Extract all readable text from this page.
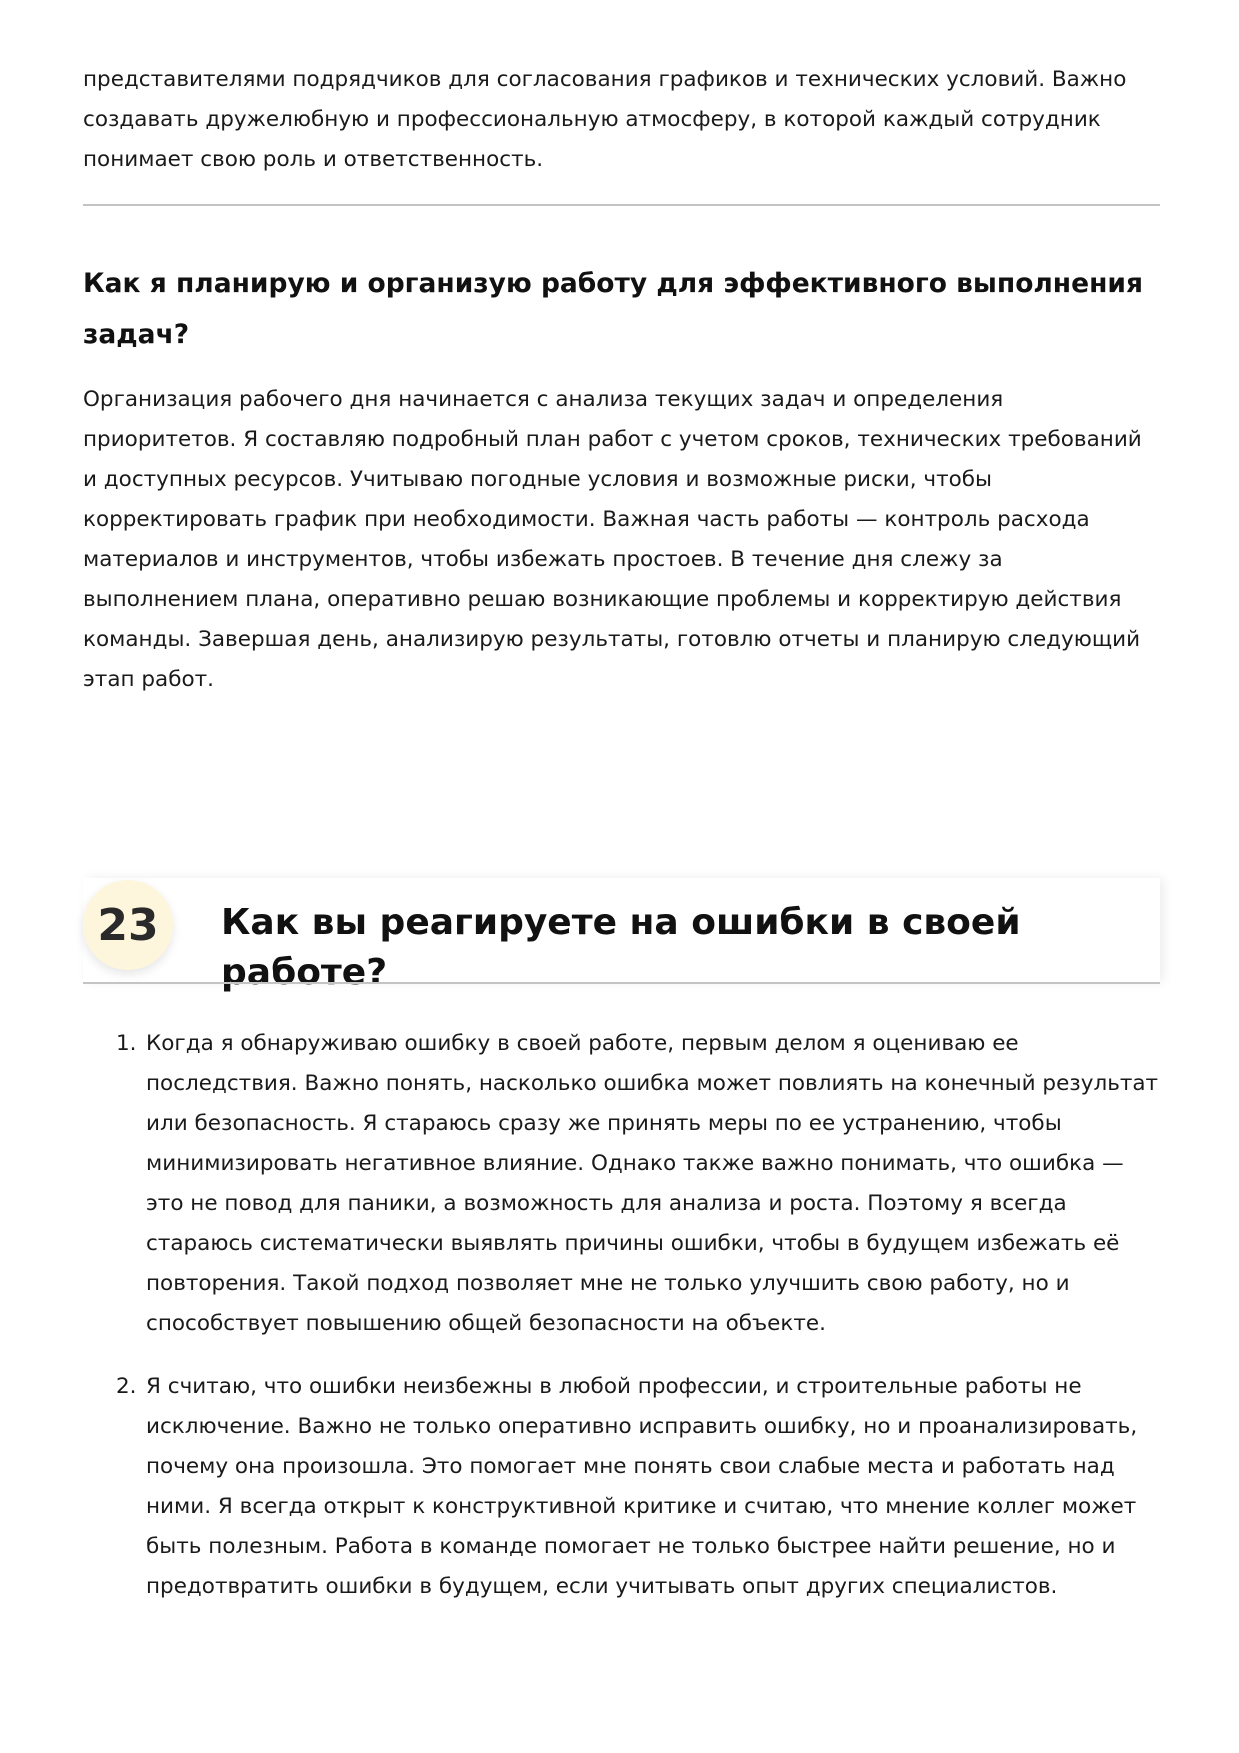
представителями подрядчиков для согласования графиков и технических условий. Важно создавать дружелюбную и профессиональную атмосферу, в которой каждый сотрудник понимает свою роль и ответственность.

Как я планирую и организую работу для эффективного выполнения задач?

Организация рабочего дня начинается с анализа текущих задач и определения приоритетов. Я составляю подробный план работ с учетом сроков, технических требований и доступных ресурсов. Учитываю погодные условия и возможные риски, чтобы корректировать график при необходимости. Важная часть работы — контроль расхода материалов и инструментов, чтобы избежать простоев. В течение дня слежу за выполнением плана, оперативно решаю возникающие проблемы и корректирую действия команды. Завершая день, анализирую результаты, готовлю отчеты и планирую следующий этап работ.

23	Как вы реагируете на ошибки в своей работе?
1. Когда я обнаруживаю ошибку в своей работе, первым делом я оцениваю ее последствия. Важно понять, насколько ошибка может повлиять на конечный результат или безопасность. Я стараюсь сразу же принять меры по ее устранению, чтобы минимизировать негативное влияние. Однако также важно понимать, что ошибка — это не повод для паники, а возможность для анализа и роста. Поэтому я всегда стараюсь систематически выявлять причины ошибки, чтобы в будущем избежать её повторения. Такой подход позволяет мне не только улучшить свою работу, но и способствует повышению общей безопасности на объекте.

2. Я считаю, что ошибки неизбежны в любой профессии, и строительные работы не исключение. Важно не только оперативно исправить ошибку, но и проанализировать, почему она произошла. Это помогает мне понять свои слабые места и работать над ними. Я всегда открыт к конструктивной критике и считаю, что мнение коллег может быть полезным. Работа в команде помогает не только быстрее найти решение, но и предотвратить ошибки в будущем, если учитывать опыт других специалистов.
